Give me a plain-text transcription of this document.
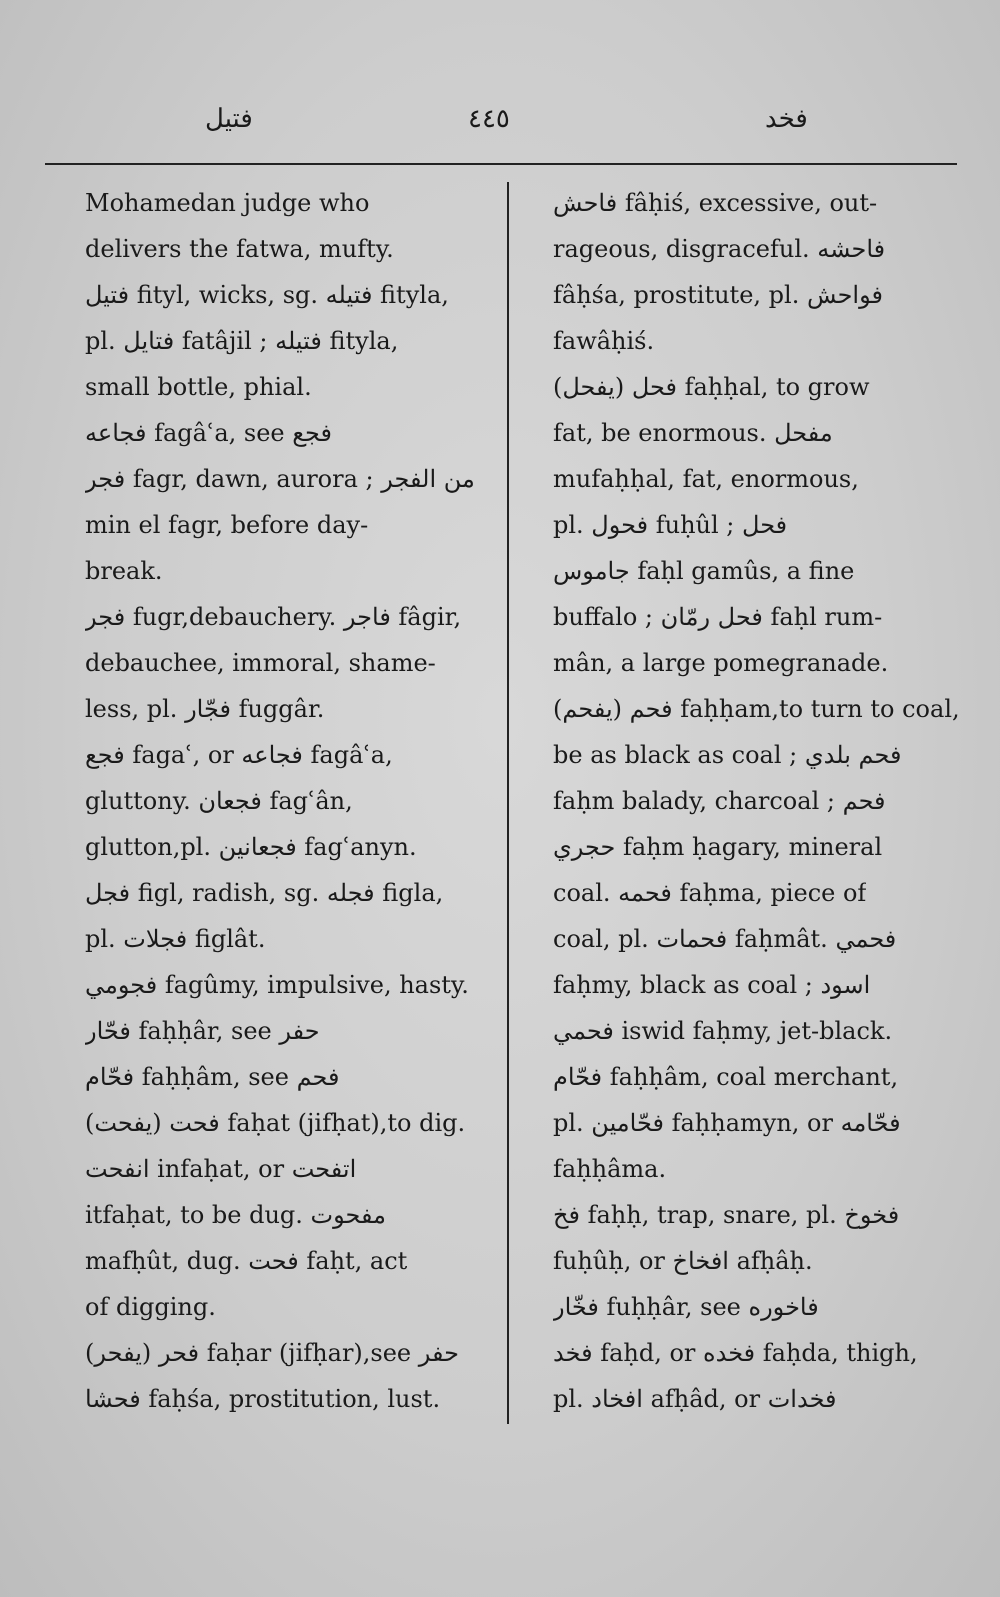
فتيل	٤٤٥	فخد
Mohamedan judge who
delivers the fatwa, mufty.
فتيل fityl, wicks, sg. فتيله fityla,
pl. فتايل fatâjil ; فتيله fityla,
small bottle, phial.
فجاعه fagâʿa, see فجع
فجر fagr, dawn, aurora ; من الفجر
min el fagr, before day-
break.
فجر fugr,debauchery. فاجر fâgir,
debauchee, immoral, shame-
less, pl. فجّار fuggâr.
فجع fagaʿ, or فجاعه fagâʿa,
gluttony. فجعان fagʿân,
glutton,pl. فجعانين fagʿanyn.
فجل figl, radish, sg. فجله figla,
pl. فجلات figlât.
فجومي fagûmy, impulsive, hasty.
فحّار faḥḥâr, see حفر
فحّام faḥḥâm, see فحم
فحت (يفحت) faḥat (jifḥat),to dig.
انفحت infaḥat, or اتفحت
itfaḥat, to be dug. مفحوت
mafḥût, dug. فحت faḥt, act
of digging.
فحر (يفحر) faḥar (jifḥar),see حفر
فحشا faḥśa, prostitution, lust.
فاحش fâḥiś, excessive, out-
rageous, disgraceful. فاحشه
fâḥśa, prostitute, pl. فواحش
fawâḥiś.
فحل (يفحل) faḥḥal, to grow
fat, be enormous. مفحل
mufaḥḥal, fat, enormous,
pl. فحول fuḥûl ; فحل
جاموس faḥl gamûs, a fine
buffalo ; فحل رمّان faḥl rum-
mân, a large pomegranade.
فحم (يفحم) faḥḥam,to turn to coal,
be as black as coal ; فحم بلدي
faḥm balady, charcoal ; فحم
حجري faḥm ḥagary, mineral
coal. فحمه faḥma, piece of
coal, pl. فحمات faḥmât. فحمي
faḥmy, black as coal ; اسود
فحمي iswid faḥmy, jet-black.
فحّام faḥḥâm, coal merchant,
pl. فحّامين faḥḥamyn, or فحّامه
faḥḥâma.
فخ faḥḥ, trap, snare, pl. فخوخ
fuḥûḥ, or افخاخ afḥâḥ.
فخّار fuḥḥâr, see فاخوره
فخد faḥd, or فخده faḥda, thigh,
pl. افخاد afḥâd, or فخدات
